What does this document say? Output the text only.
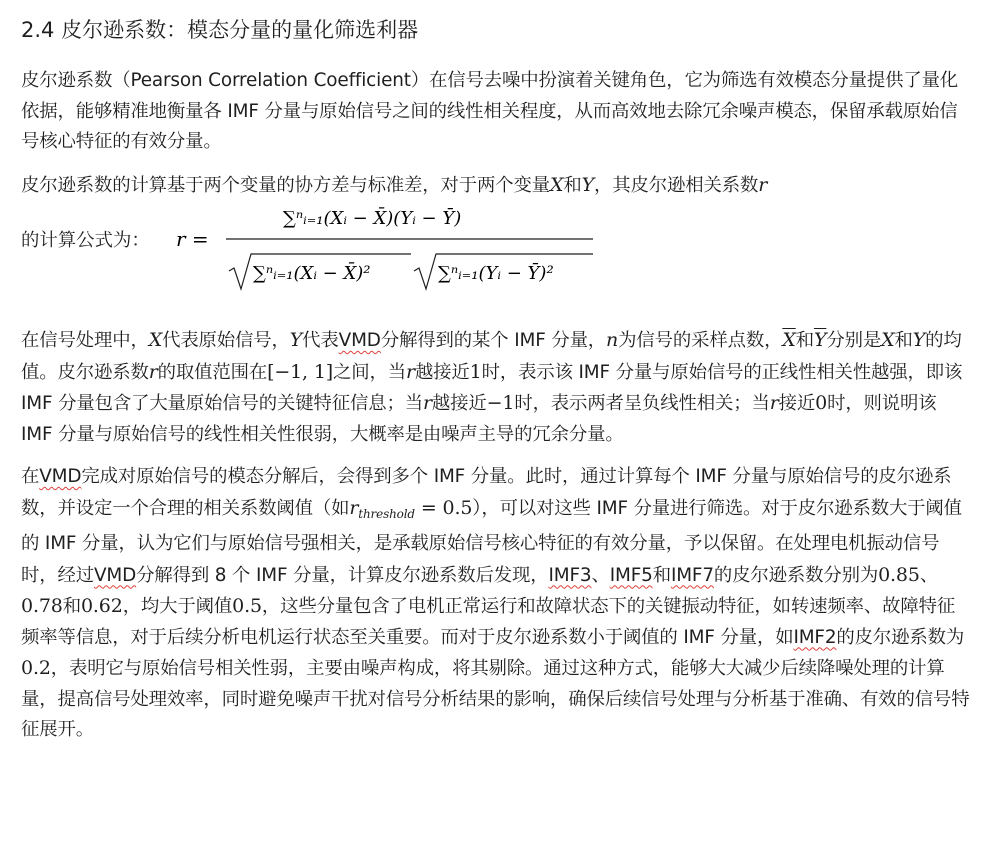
2.4 皮尔逊系数：模态分量的量化筛选利器

皮尔逊系数（Pearson Correlation Coefficient）在信号去噪中扮演着关键角色，它为筛选有效模态分量提供了量化依据，能够精准地衡量各 IMF 分量与原始信号之间的线性相关程度，从而高效地去除冗余噪声模态，保留承载原始信号核心特征的有效分量。

皮尔逊系数的计算基于两个变量的协方差与标准差，对于两个变量X和Y，其皮尔逊相关系数r

的计算公式为： r =
∑ⁿᵢ₌₁(Xᵢ − X̄)(Yᵢ − Ȳ)
∑ⁿᵢ₌₁(Xᵢ − X̄)²	∑ⁿᵢ₌₁(Yᵢ − Ȳ)²

在信号处理中，X代表原始信号，Y代表VMD分解得到的某个 IMF 分量，n为信号的采样点数，$\overline{X}$和$\overline{Y}$分别是X和Y的均值。皮尔逊系数r的取值范围在[−1, 1]之间，当r越接近1时，表示该 IMF 分量与原始信号的正线性相关性越强，即该 IMF 分量包含了大量原始信号的关键特征信息；当r越接近−1时，表示两者呈负线性相关；当r接近0时，则说明该 IMF 分量与原始信号的线性相关性很弱，大概率是由噪声主导的冗余分量。

在VMD完成对原始信号的模态分解后，会得到多个 IMF 分量。此时，通过计算每个 IMF 分量与原始信号的皮尔逊系数，并设定一个合理的相关系数阈值（如$r_{threshold} = 0.5$），可以对这些 IMF 分量进行筛选。对于皮尔逊系数大于阈值的 IMF 分量，认为它们与原始信号强相关，是承载原始信号核心特征的有效分量，予以保留。在处理电机振动信号时，经过VMD分解得到 8 个 IMF 分量，计算皮尔逊系数后发现，IMF3、IMF5和IMF7的皮尔逊系数分别为0.85、0.78和0.62，均大于阈值0.5，这些分量包含了电机正常运行和故障状态下的关键振动特征，如转速频率、故障特征频率等信息，对于后续分析电机运行状态至关重要。而对于皮尔逊系数小于阈值的 IMF 分量，如IMF2的皮尔逊系数为0.2，表明它与原始信号相关性弱，主要由噪声构成，将其剔除。通过这种方式，能够大大减少后续降噪处理的计算量，提高信号处理效率，同时避免噪声干扰对信号分析结果的影响，确保后续信号处理与分析基于准确、有效的信号特征展开。
